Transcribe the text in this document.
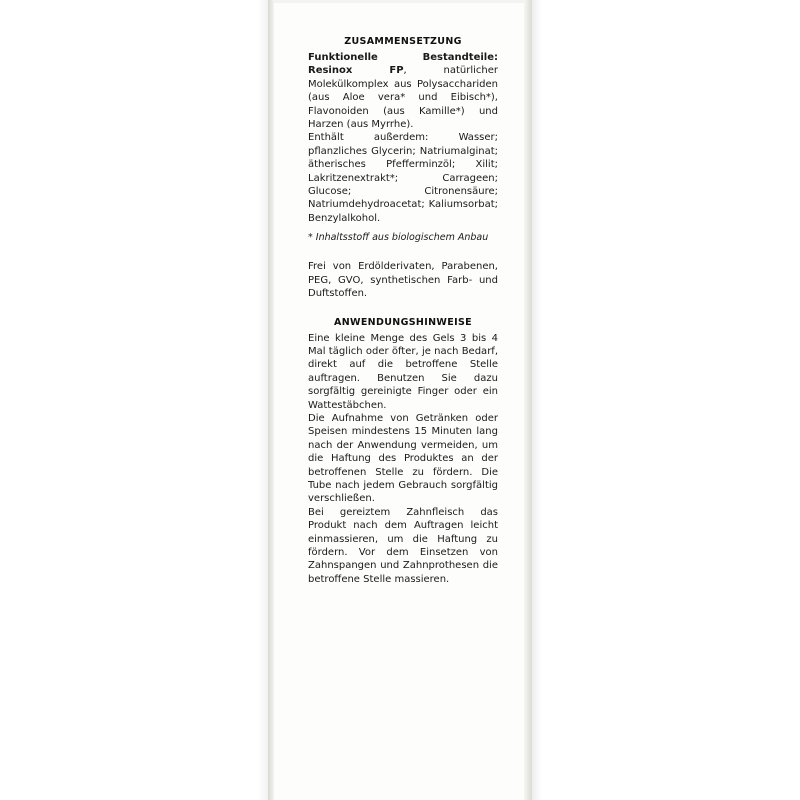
ZUSAMMENSETZUNG

Funktionelle Bestandteile: Resinox FP, natürlicher Molekülkomplex aus Polysacchariden (aus Aloe vera* und Eibisch*), Flavonoiden (aus Kamille*) und Harzen (aus Myrrhe).

Enthält außerdem: Wasser; pflanzliches Glycerin; Natriumalginat; ätherisches Pfefferminzöl; Xilit; Lakritzenextrakt*; Carrageen; Glucose; Citronensäure; Natriumdehydroacetat; Kaliumsorbat; Benzylalkohol.

* Inhaltsstoff aus biologischem Anbau

Frei von Erdölderivaten, Parabenen, PEG, GVO, synthetischen Farb- und Duftstoffen.

ANWENDUNGSHINWEISE

Eine kleine Menge des Gels 3 bis 4 Mal täglich oder öfter, je nach Bedarf, direkt auf die betroffene Stelle auftragen. Benutzen Sie dazu sorgfältig gereinigte Finger oder ein Wattestäbchen.

Die Aufnahme von Getränken oder Speisen mindestens 15 Minuten lang nach der Anwendung vermeiden, um die Haftung des Produktes an der betroffenen Stelle zu fördern. Die Tube nach jedem Gebrauch sorgfältig verschließen.

Bei gereiztem Zahnfleisch das Produkt nach dem Auftragen leicht einmassieren, um die Haftung zu fördern. Vor dem Einsetzen von Zahnspangen und Zahnprothesen die betroffene Stelle massieren.
